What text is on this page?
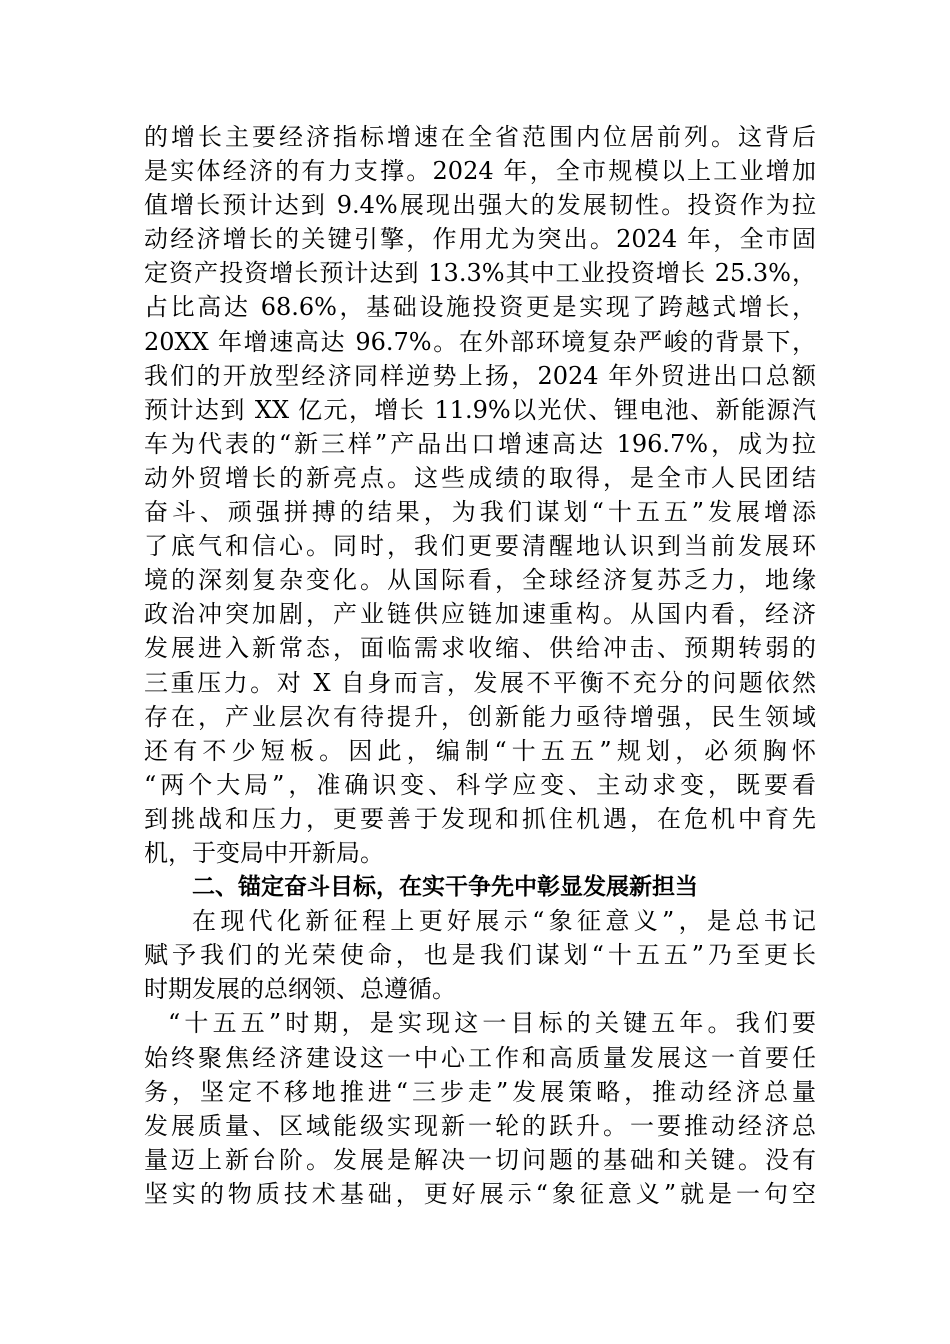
的增长主要经济指标增速在全省范围内位居前列。这背后
是实体经济的有力支撑。2024 年，全市规模以上工业增加
值增长预计达到 9.4%展现出强大的发展韧性。投资作为拉
动经济增长的关键引擎，作用尤为突出。2024 年，全市固
定资产投资增长预计达到 13.3%其中工业投资增长 25.3%，
占比高达 68.6%，基础设施投资更是实现了跨越式增长，
20XX 年增速高达 96.7%。在外部环境复杂严峻的背景下，
我们的开放型经济同样逆势上扬，2024 年外贸进出口总额
预计达到 XX 亿元，增长 11.9%以光伏、锂电池、新能源汽
车为代表的“新三样”产品出口增速高达 196.7%，成为拉
动外贸增长的新亮点。这些成绩的取得，是全市人民团结
奋斗、顽强拼搏的结果，为我们谋划“十五五”发展增添
了底气和信心。同时，我们更要清醒地认识到当前发展环
境的深刻复杂变化。从国际看，全球经济复苏乏力，地缘
政治冲突加剧，产业链供应链加速重构。从国内看，经济
发展进入新常态，面临需求收缩、供给冲击、预期转弱的
三重压力。对 X 自身而言，发展不平衡不充分的问题依然
存在，产业层次有待提升，创新能力亟待增强，民生领域
还有不少短板。因此，编制“十五五”规划，必须胸怀
“两个大局”，准确识变、科学应变、主动求变，既要看
到挑战和压力，更要善于发现和抓住机遇，在危机中育先
机，于变局中开新局。
二、锚定奋斗目标，在实干争先中彰显发展新担当
在现代化新征程上更好展示“象征意义”，是总书记
赋予我们的光荣使命，也是我们谋划“十五五”乃至更长
时期发展的总纲领、总遵循。
“十五五”时期，是实现这一目标的关键五年。我们要
始终聚焦经济建设这一中心工作和高质量发展这一首要任
务，坚定不移地推进“三步走”发展策略，推动经济总量
发展质量、区域能级实现新一轮的跃升。一要推动经济总
量迈上新台阶。发展是解决一切问题的基础和关键。没有
坚实的物质技术基础，更好展示“象征意义”就是一句空
